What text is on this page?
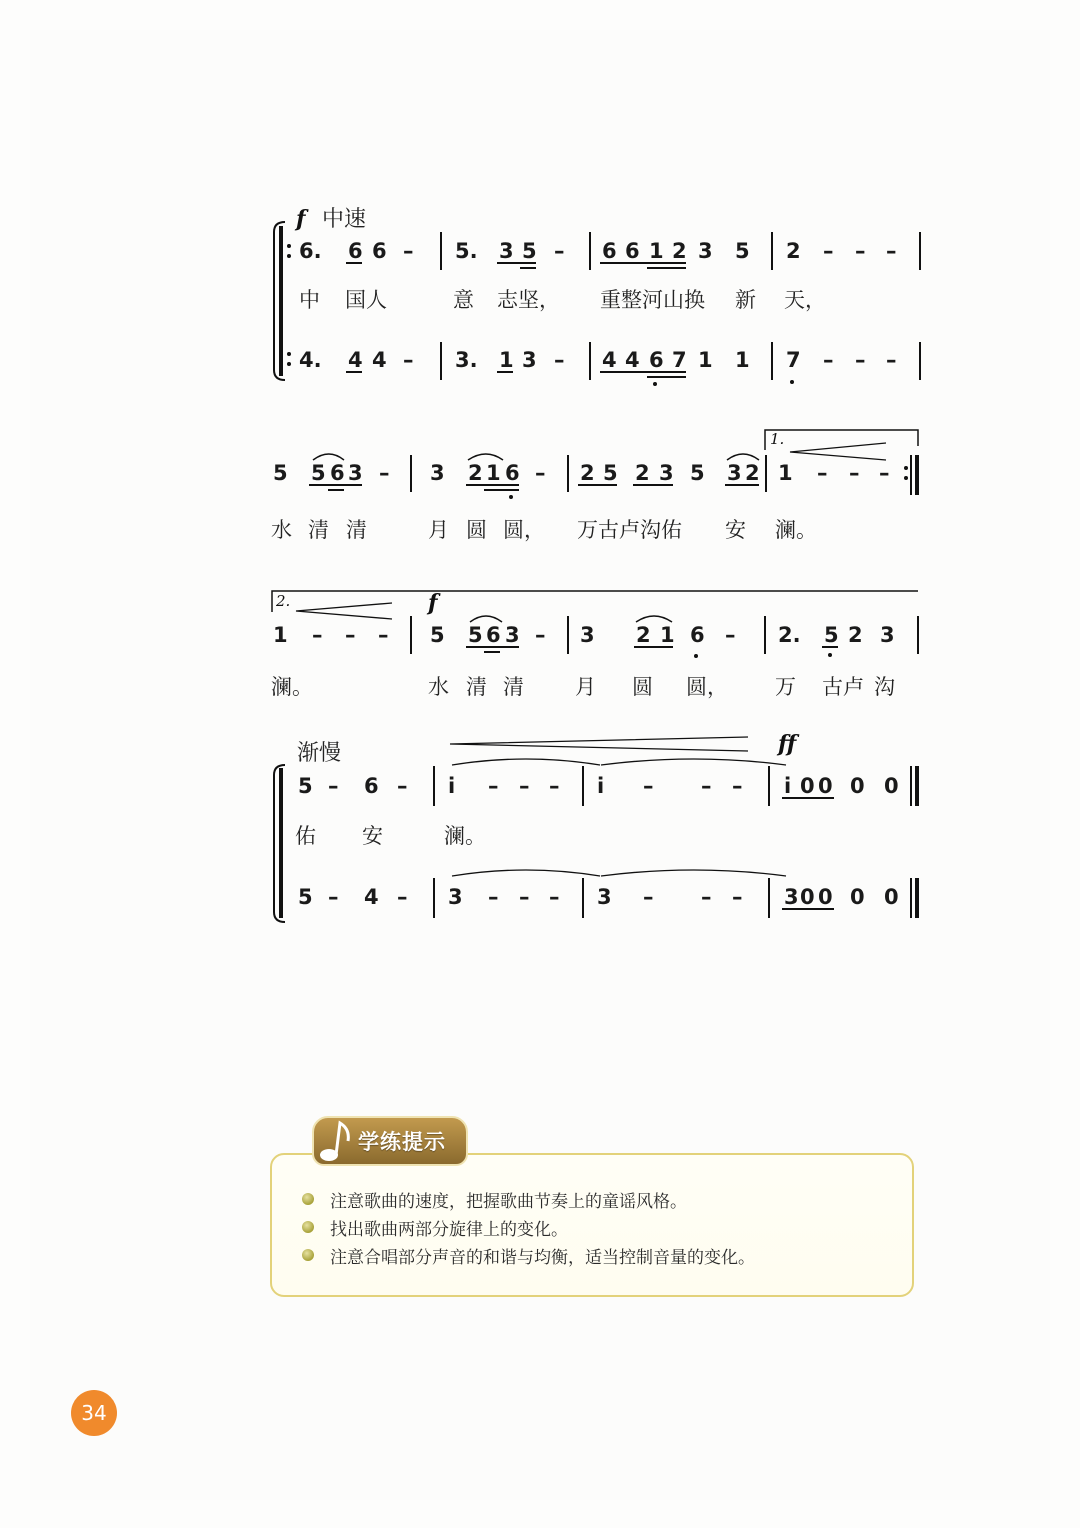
f 中速
6. 6 6 – 5. 3 5 – 6 6 1 2 3 5 2 – – –
中 国人	意 志坚， 重整河山换 新 天，
4. 4 4 – 3. 1 3 – 4 4 6 7 1 1 7 – – –
1.
5 5 6 3 – 3 2 1 6 – 2 5 2 3 5 3 2 1 – – –
水 清 清	月 圆 圆， 万古卢沟佑 安 澜。
2.	f
1 – – – 5 5 6 3 – 3 2 1 6 – 2. 5 2 3
澜。	水 清 清 月 圆 圆， 万 古卢 沟
渐慢	ff
5 – 6 – i – – – i – – – i 0 0 0 0
佑 安	澜。
5 – 4 – 3 – – – 3 – – – 3 0 0 0 0
注意歌曲的速度，把握歌曲节奏上的童谣风格。
找出歌曲两部分旋律上的变化。
注意合唱部分声音的和谐与均衡，适当控制音量的变化。
学练提示
34
